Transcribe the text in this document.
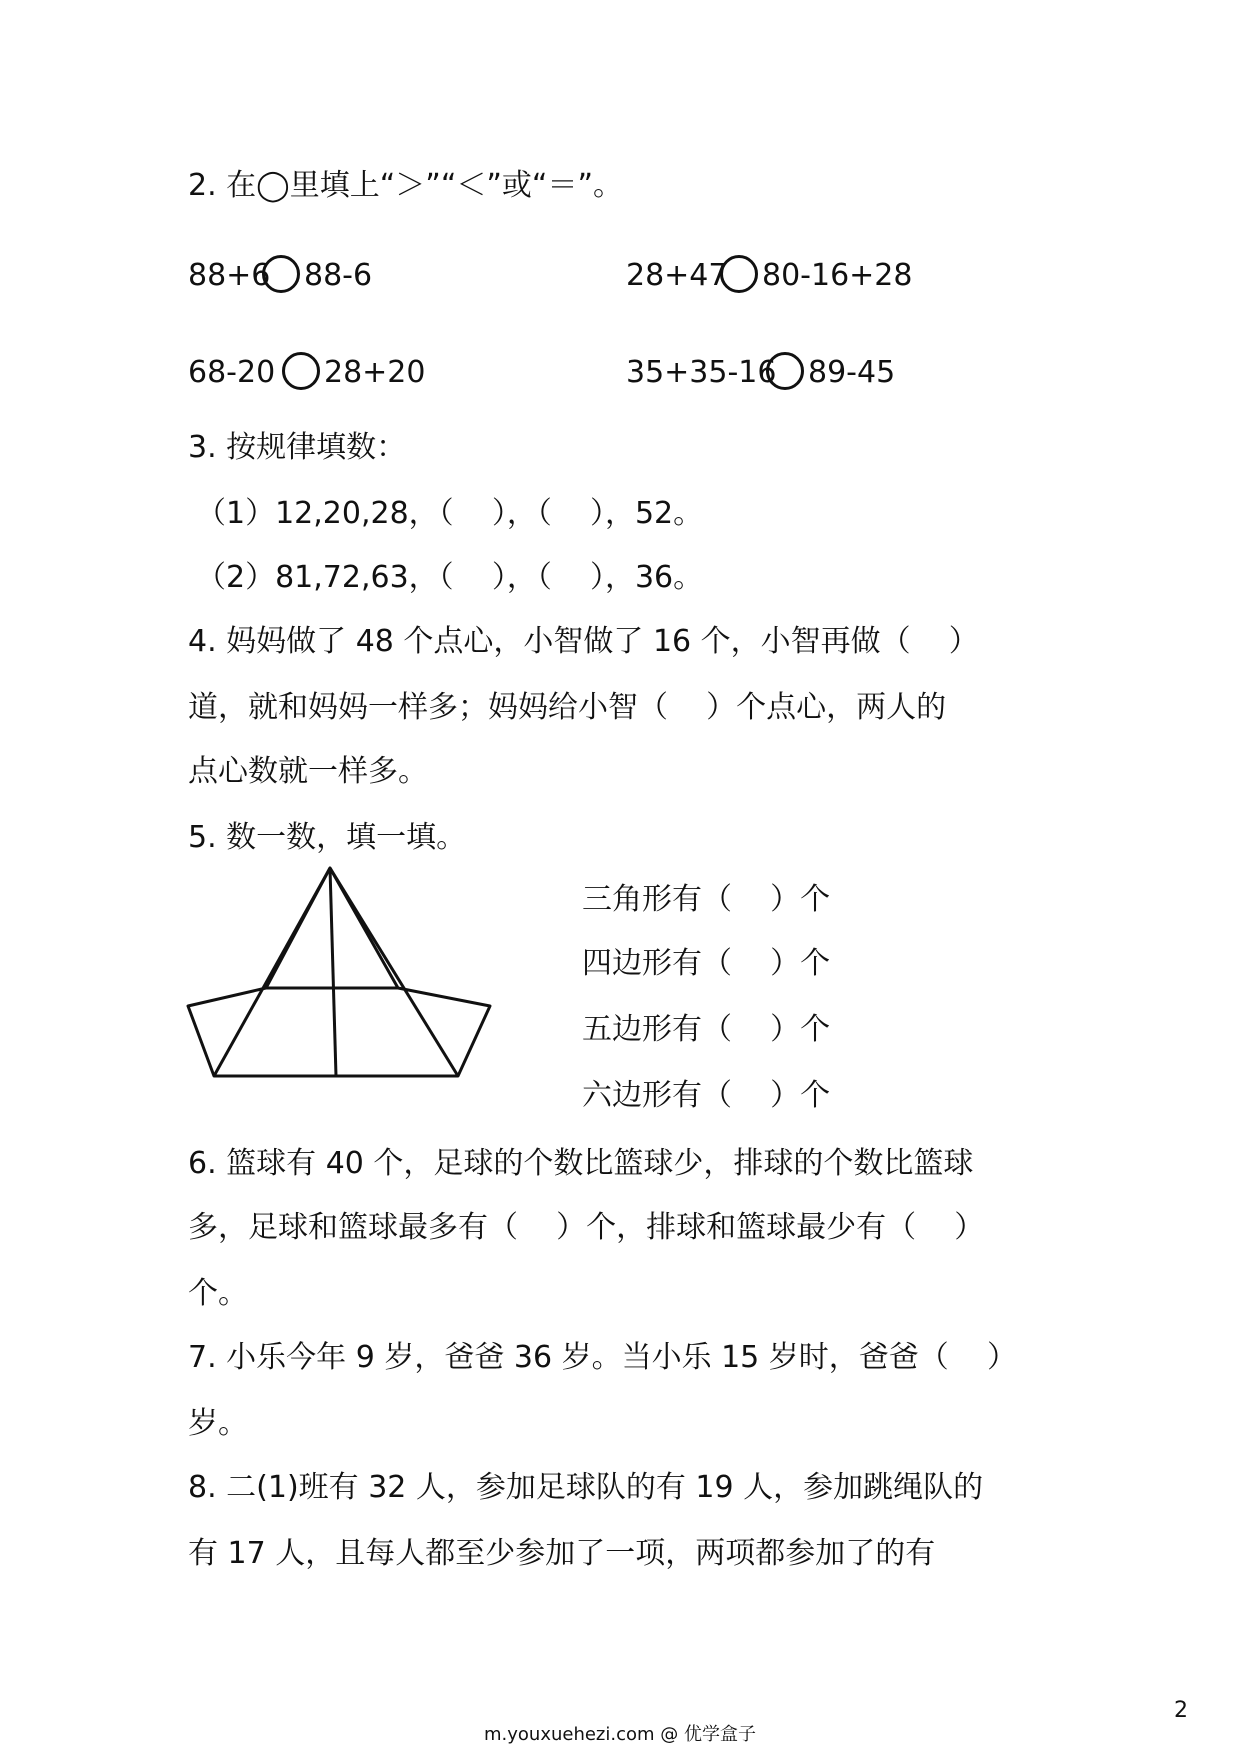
2. 在◯里填上“＞”“＜”或“＝”。
88+6 88-6	28+47 80-16+28
68-20 28+20	35+35-16 89-45
3. 按规律填数：
（1）12,20,28，（    ），（    ），52。
（2）81,72,63，（    ），（    ），36。
4. 妈妈做了 48 个点心，小智做了 16 个，小智再做（    ）
道，就和妈妈一样多；妈妈给小智（    ）个点心，两人的
点心数就一样多。
5. 数一数，填一填。
三角形有（    ）个
四边形有（    ）个
五边形有（    ）个
六边形有（    ）个
6. 篮球有 40 个，足球的个数比篮球少，排球的个数比篮球
多，足球和篮球最多有（    ）个，排球和篮球最少有（    ）
个。
7. 小乐今年 9 岁，爸爸 36 岁。当小乐 15 岁时，爸爸（    ）
岁。
8. 二(1)班有 32 人，参加足球队的有 19 人，参加跳绳队的
有 17 人，且每人都至少参加了一项，两项都参加了的有
2
m.youxuehezi.com @ 优学盒子
